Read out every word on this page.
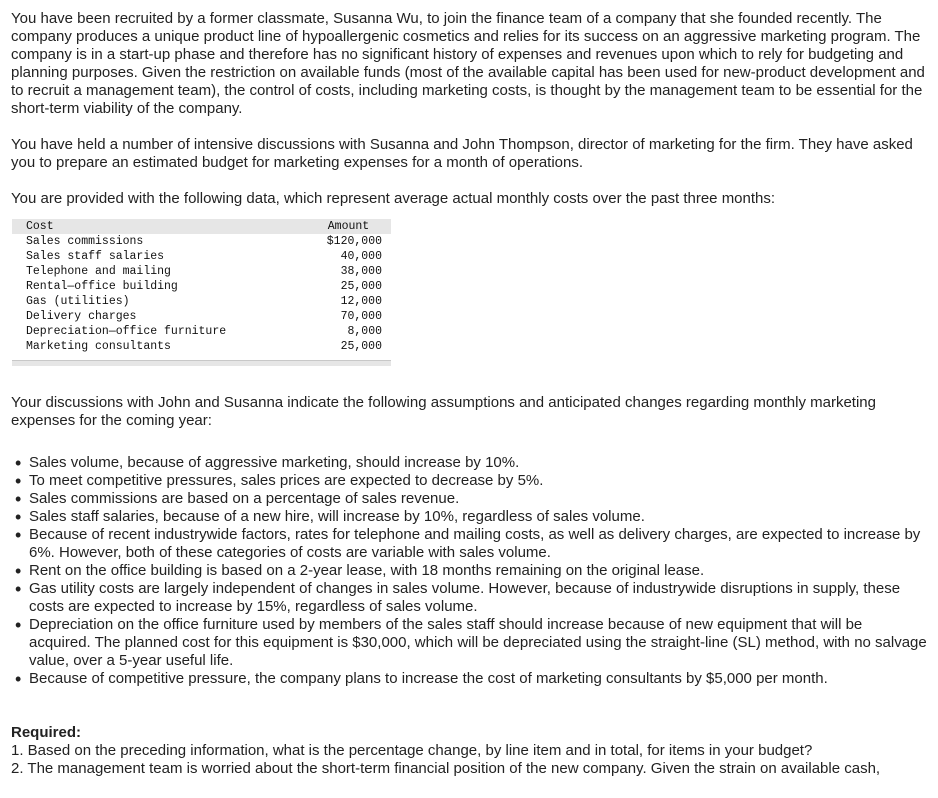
You have been recruited by a former classmate, Susanna Wu, to join the finance team of a company that she founded recently. The company produces a unique product line of hypoallergenic cosmetics and relies for its success on an aggressive marketing program. The company is in a start-up phase and therefore has no significant history of expenses and revenues upon which to rely for budgeting and planning purposes. Given the restriction on available funds (most of the available capital has been used for new-product development and to recruit a management team), the control of costs, including marketing costs, is thought by the management team to be essential for the short-term viability of the company.

You have held a number of intensive discussions with Susanna and John Thompson, director of marketing for the firm. They have asked you to prepare an estimated budget for marketing expenses for a month of operations.

You are provided with the following data, which represent average actual monthly costs over the past three months:

Cost	Amount
Sales commissions	$120,000
Sales staff salaries	40,000
Telephone and mailing	38,000
Rental—office building	25,000
Gas (utilities)	12,000
Delivery charges	70,000
Depreciation—office furniture	8,000
Marketing consultants	25,000

Your discussions with John and Susanna indicate the following assumptions and anticipated changes regarding monthly marketing expenses for the coming year:

• Sales volume, because of aggressive marketing, should increase by 10%.
• To meet competitive pressures, sales prices are expected to decrease by 5%.
• Sales commissions are based on a percentage of sales revenue.
• Sales staff salaries, because of a new hire, will increase by 10%, regardless of sales volume.
• Because of recent industrywide factors, rates for telephone and mailing costs, as well as delivery charges, are expected to increase by 6%. However, both of these categories of costs are variable with sales volume.
• Rent on the office building is based on a 2-year lease, with 18 months remaining on the original lease.
• Gas utility costs are largely independent of changes in sales volume. However, because of industrywide disruptions in supply, these costs are expected to increase by 15%, regardless of sales volume.
• Depreciation on the office furniture used by members of the sales staff should increase because of new equipment that will be acquired. The planned cost for this equipment is $30,000, which will be depreciated using the straight-line (SL) method, with no salvage value, over a 5-year useful life.
• Because of competitive pressure, the company plans to increase the cost of marketing consultants by $5,000 per month.

Required:

1. Based on the preceding information, what is the percentage change, by line item and in total, for items in your budget?

2. The management team is worried about the short-term financial position of the new company. Given the strain on available cash,
